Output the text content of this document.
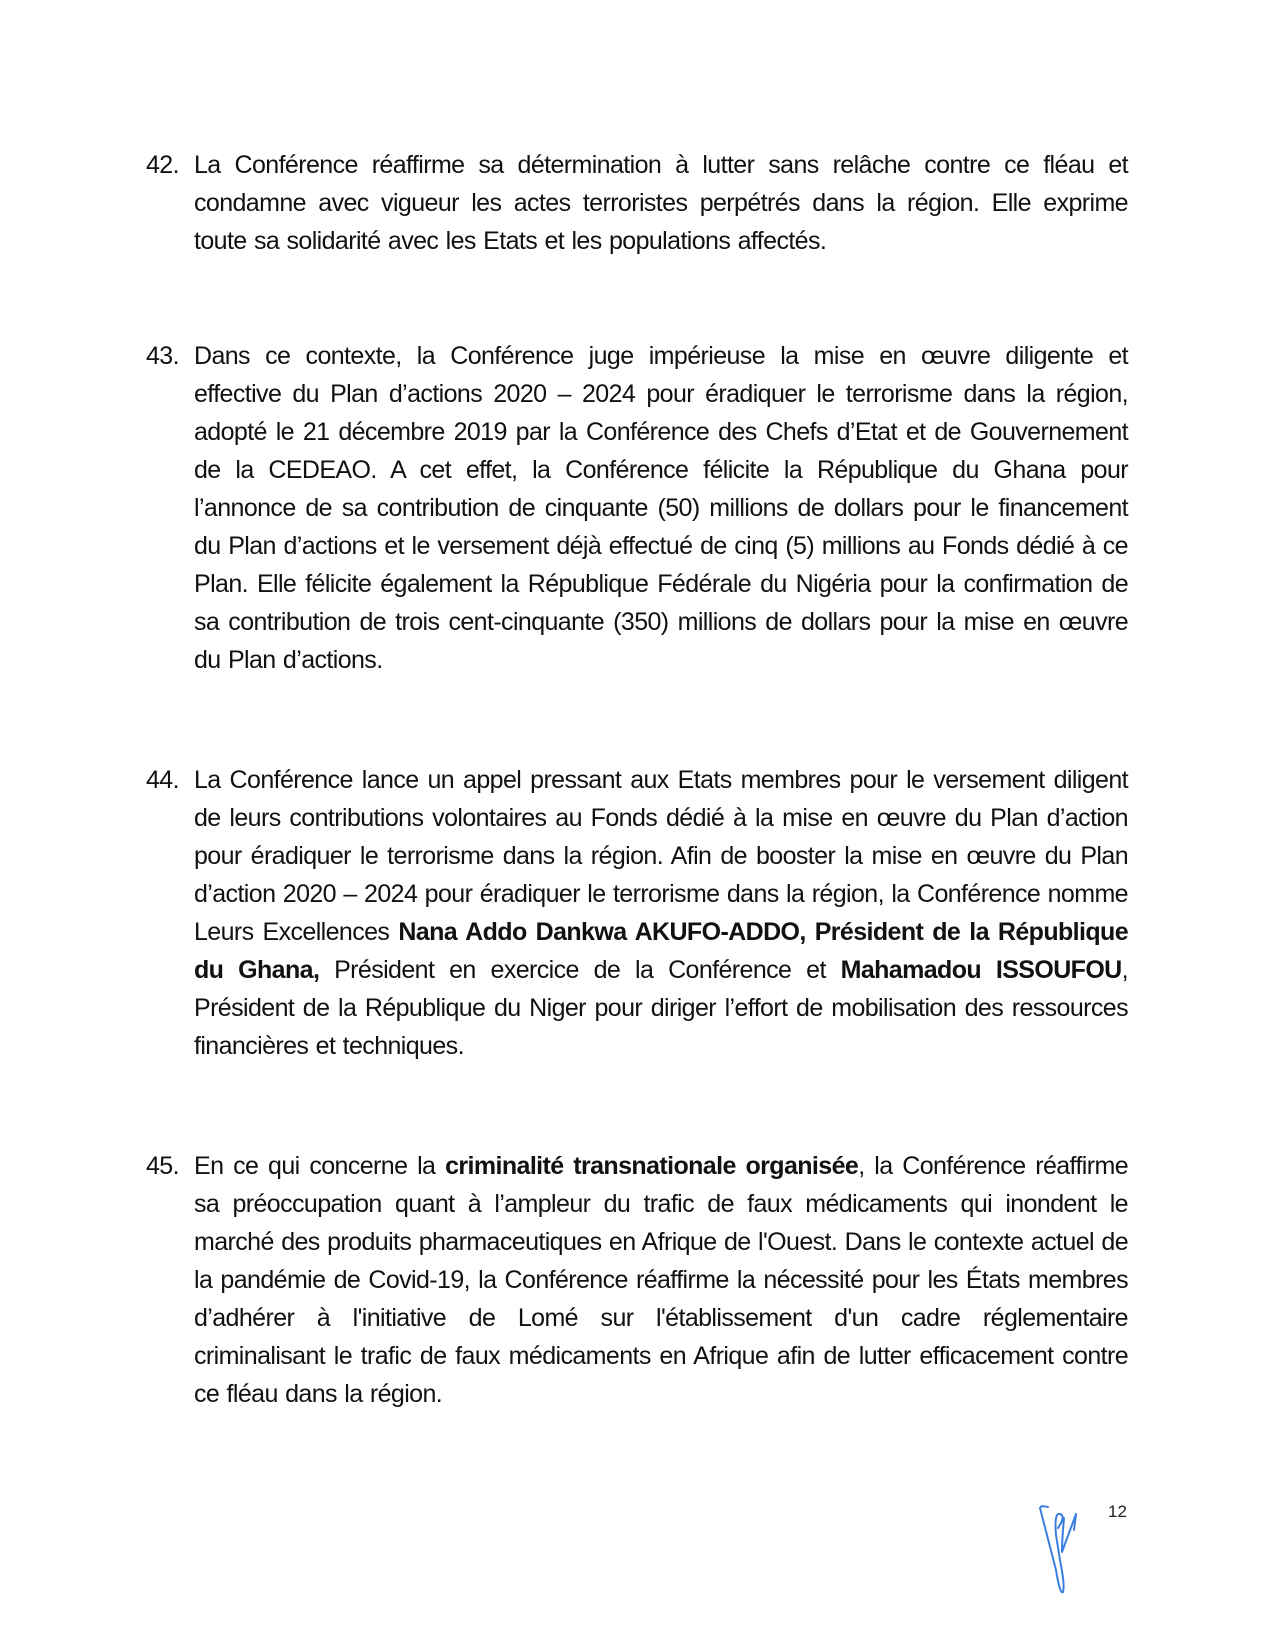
42. La Conférence réaffirme sa détermination à lutter sans relâche contre ce fléau et condamne avec vigueur les actes terroristes perpétrés dans la région. Elle exprime toute sa solidarité avec les Etats et les populations affectés.
43. Dans ce contexte, la Conférence juge impérieuse la mise en œuvre diligente et effective du Plan d’actions 2020 – 2024 pour éradiquer le terrorisme dans la région, adopté le 21 décembre 2019 par la Conférence des Chefs d’Etat et de Gouvernement de la CEDEAO. A cet effet, la Conférence félicite la République du Ghana pour l’annonce de sa contribution de cinquante (50) millions de dollars pour le financement du Plan d’actions et le versement déjà effectué de cinq (5) millions au Fonds dédié à ce Plan. Elle félicite également la République Fédérale du Nigéria pour la confirmation de sa contribution de trois cent-cinquante (350) millions de dollars pour la mise en œuvre du Plan d’actions.
44. La Conférence lance un appel pressant aux Etats membres pour le versement diligent de leurs contributions volontaires au Fonds dédié à la mise en œuvre du Plan d’action pour éradiquer le terrorisme dans la région. Afin de booster la mise en œuvre du Plan d’action 2020 – 2024 pour éradiquer le terrorisme dans la région, la Conférence nomme Leurs Excellences Nana Addo Dankwa AKUFO-ADDO, Président de la République du Ghana, Président en exercice de la Conférence et Mahamadou ISSOUFOU, Président de la République du Niger pour diriger l’effort de mobilisation des ressources financières et techniques.
45. En ce qui concerne la criminalité transnationale organisée, la Conférence réaffirme sa préoccupation quant à l’ampleur du trafic de faux médicaments qui inondent le marché des produits pharmaceutiques en Afrique de l'Ouest. Dans le contexte actuel de la pandémie de Covid-19, la Conférence réaffirme la nécessité pour les États membres d’adhérer à l'initiative de Lomé sur l'établissement d'un cadre réglementaire criminalisant le trafic de faux médicaments en Afrique afin de lutter efficacement contre ce fléau dans la région.
12
